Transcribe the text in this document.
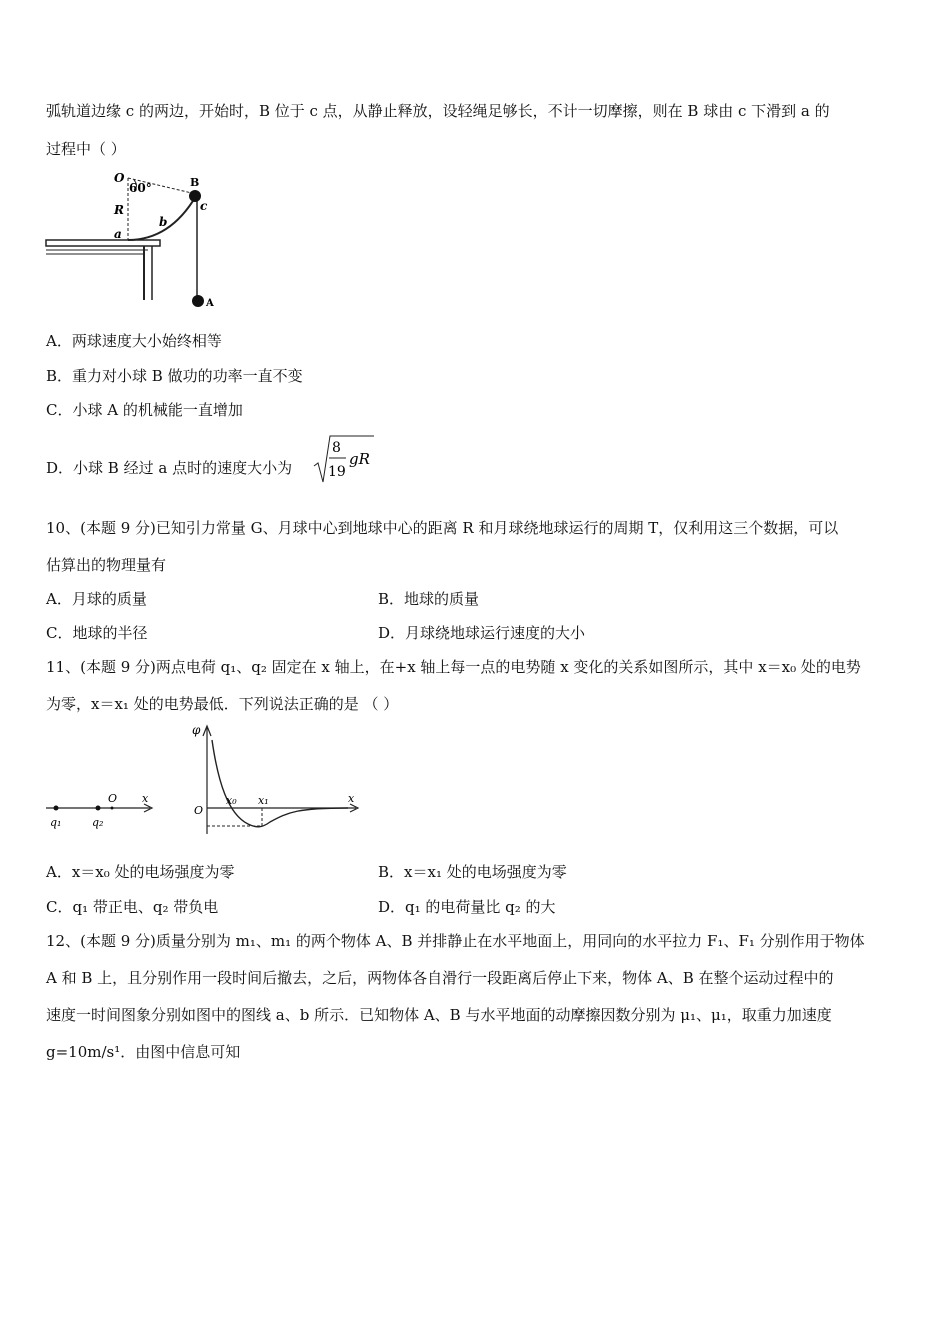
弧轨道边缘 c 的两边，开始时，B 位于 c 点，从静止释放，设轻绳足够长，不计一切摩擦，则在 B 球由 c 下滑到 a 的
过程中（ ）
O
60°
R
a
b
B
c
A
A．两球速度大小始终相等
B．重力对小球 B 做功的功率一直不变
C．小球 A 的机械能一直增加
D．小球 B 经过 a 点时的速度大小为
8
19
gR
10、(本题 9 分)已知引力常量 G、月球中心到地球中心的距离 R 和月球绕地球运行的周期 T，仅利用这三个数据，可以
估算出的物理量有
A．月球的质量	B．地球的质量
C．地球的半径	D．月球绕地球运行速度的大小
11、(本题 9 分)两点电荷 q₁、q₂ 固定在 x 轴上，在+x 轴上每一点的电势随 x 变化的关系如图所示，其中 x＝x₀ 处的电势
为零，x＝x₁ 处的电势最低．下列说法正确的是 （ ）
q₁	q₂
O x
φ
O
x₀ x₁	x
A．x＝x₀ 处的电场强度为零	B．x＝x₁ 处的电场强度为零
C．q₁ 带正电、q₂ 带负电	D．q₁ 的电荷量比 q₂ 的大
12、(本题 9 分)质量分别为 m₁、m₁ 的两个物体 A、B 并排静止在水平地面上，用同向的水平拉力 F₁、F₁ 分别作用于物体
A 和 B 上，且分别作用一段时间后撤去，之后，两物体各自滑行一段距离后停止下来，物体 A、B 在整个运动过程中的
速度一时间图象分别如图中的图线 a、b 所示．已知物体 A、B 与水平地面的动摩擦因数分别为 μ₁、μ₁，取重力加速度
g=10m/s¹．由图中信息可知
